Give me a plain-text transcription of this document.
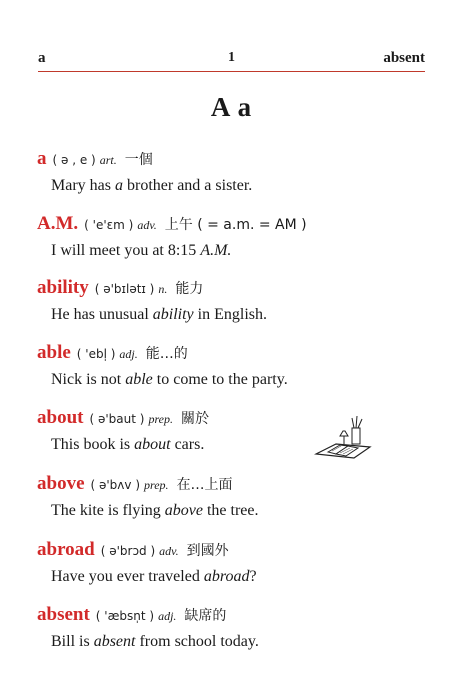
a	1	absent
A a
a ( ə , e ) art. 一個
Mary has a brother and a sister.
A.M. ( 'e'ɛm ) adv. 上午 ( = a.m. = AM )
I will meet you at 8:15 A.M.
ability ( ə'bɪlətɪ ) n. 能力
He has unusual ability in English.
able ( 'ebl̩ ) adj. 能…的
Nick is not able to come to the party.
about ( ə'baut ) prep. 關於
This book is about cars.
above ( ə'bʌv ) prep. 在…上面
The kite is flying above the tree.
abroad ( ə'brɔd ) adv. 到國外
Have you ever traveled abroad?
absent ( 'æbsn̩t ) adj. 缺席的
Bill is absent from school today.
